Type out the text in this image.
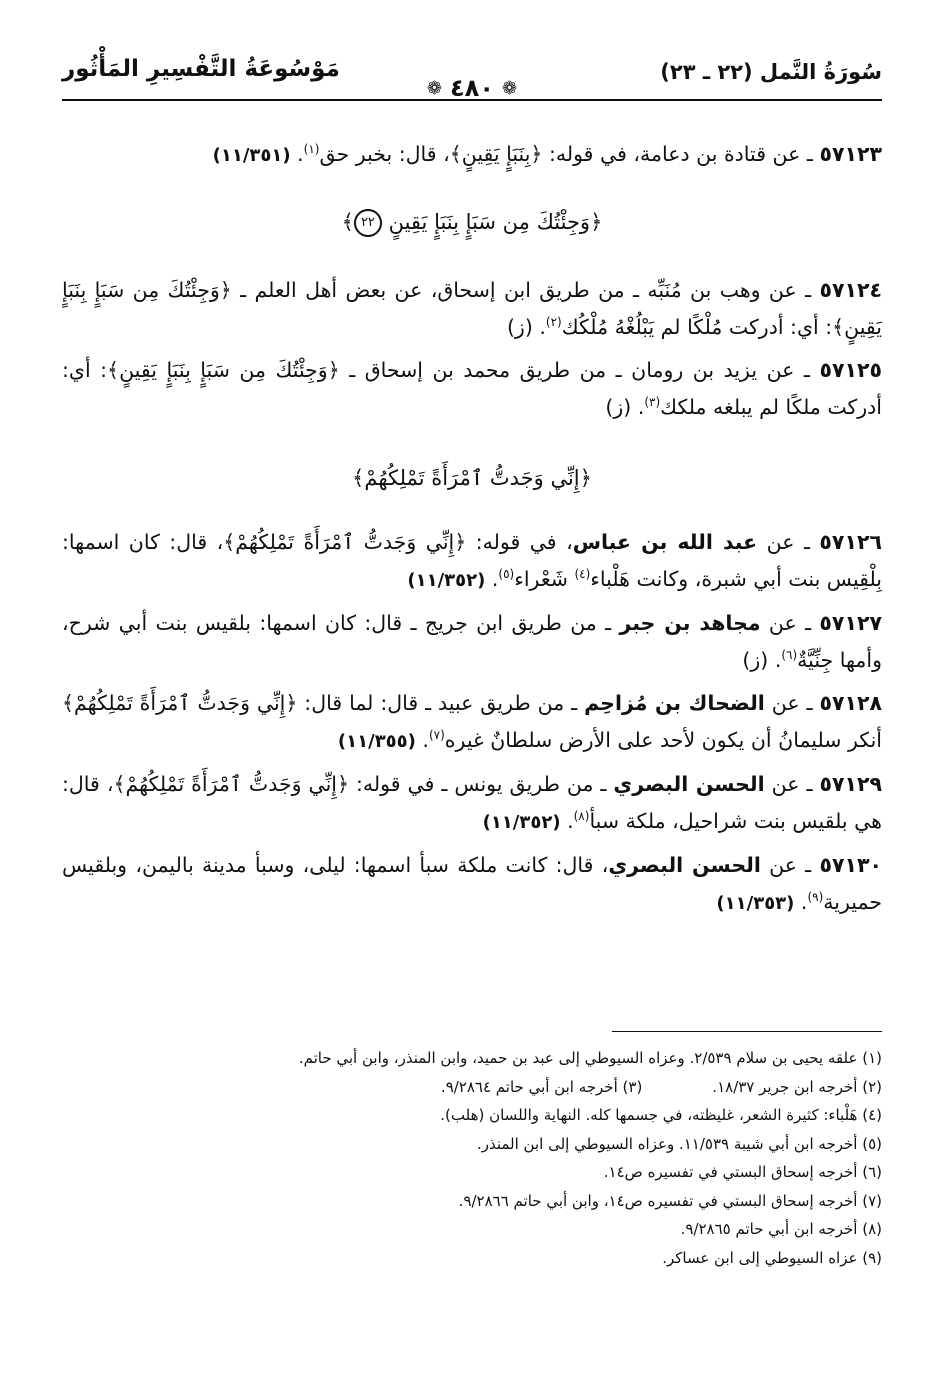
سُورَةُ النَّمل (٢٢ ـ ٢٣)
❁ ٤٨٠ ❁
مَوْسُوعَةُ التَّفْسِيرِ المَأْثُور

٥٧١٢٣ ـ عن قتادة بن دعامة، في قوله: ﴿بِنَبَإٍ يَقِينٍ﴾، قال: بخبر حق$^{(١)}$. (١١/٣٥١)

﴿وَجِئْتُكَ مِن سَبَإٍ بِنَبَإٍ يَقِينٍ ٢٢﴾

٥٧١٢٤ ـ عن وهب بن مُنَبِّه ـ من طريق ابن إسحاق، عن بعض أهل العلم ـ ﴿وَجِئْتُكَ مِن سَبَإٍ بِنَبَإٍ يَقِينٍ﴾: أي: أدركت مُلْكًا لم يَبْلُغْهُ مُلْكُك$^{(٢)}$. (ز)

٥٧١٢٥ ـ عن يزيد بن رومان ـ من طريق محمد بن إسحاق ـ ﴿وَجِئْتُكَ مِن سَبَإٍ بِنَبَإٍ يَقِينٍ﴾: أي: أدركت ملكًا لم يبلغه ملكك$^{(٣)}$. (ز)

﴿إِنِّي وَجَدتُّ ٱمْرَأَةً تَمْلِكُهُمْ﴾

٥٧١٢٦ ـ عن عبد الله بن عباس، في قوله: ﴿إِنِّي وَجَدتُّ ٱمْرَأَةً تَمْلِكُهُمْ﴾، قال: كان اسمها: بِلْقِيس بنت أبي شبرة، وكانت هَلْباء$^{(٤)}$ شَعْراء$^{(٥)}$. (١١/٣٥٢)

٥٧١٢٧ ـ عن مجاهد بن جبر ـ من طريق ابن جريج ـ قال: كان اسمها: بلقيس بنت أبي شرح، وأمها جِنِّيَّةٌ$^{(٦)}$. (ز)

٥٧١٢٨ ـ عن الضحاك بن مُزاحِم ـ من طريق عبيد ـ قال: لما قال: ﴿إِنِّي وَجَدتُّ ٱمْرَأَةً تَمْلِكُهُمْ﴾ أنكر سليمانُ أن يكون لأحد على الأرض سلطانٌ غيره$^{(٧)}$. (١١/٣٥٥)

٥٧١٢٩ ـ عن الحسن البصري ـ من طريق يونس ـ في قوله: ﴿إِنِّي وَجَدتُّ ٱمْرَأَةً تَمْلِكُهُمْ﴾، قال: هي بلقيس بنت شراحيل، ملكة سبأ$^{(٨)}$. (١١/٣٥٢)

٥٧١٣٠ ـ عن الحسن البصري، قال: كانت ملكة سبأ اسمها: ليلى، وسبأ مدينة باليمن، وبلقيس حميرية$^{(٩)}$. (١١/٣٥٣)

(١) علقه يحيى بن سلام ٢/٥٣٩. وعزاه السيوطي إلى عبد بن حميد، وابن المنذر، وابن أبي حاتم.
(٢) أخرجه ابن جرير ١٨/٣٧.(٣) أخرجه ابن أبي حاتم ٩/٢٨٦٤.
(٤) هَلْباء: كثيرة الشعر، غليظته، في جسمها كله. النهاية واللسان (هلب).
(٥) أخرجه ابن أبي شيبة ١١/٥٣٩. وعزاه السيوطي إلى ابن المنذر.
(٦) أخرجه إسحاق البستي في تفسيره ص١٤.
(٧) أخرجه إسحاق البستي في تفسيره ص١٤، وابن أبي حاتم ٩/٢٨٦٦.
(٨) أخرجه ابن أبي حاتم ٩/٢٨٦٥.
(٩) عزاه السيوطي إلى ابن عساكر.
